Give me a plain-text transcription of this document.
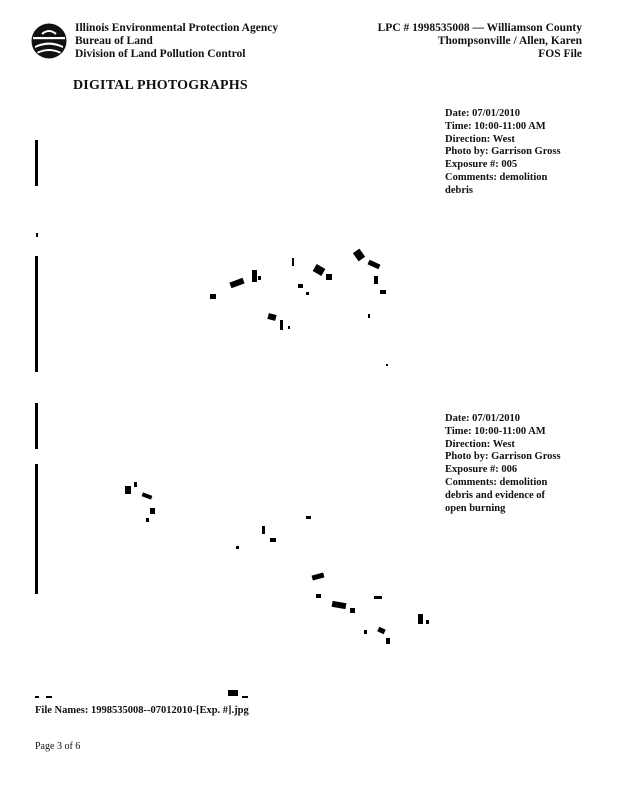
Illinois Environmental Protection Agency
Bureau of Land
Division of Land Pollution Control
LPC # 1998535008 — Williamson County
Thompsonville / Allen, Karen
FOS File
DIGITAL PHOTOGRAPHS
Date: 07/01/2010
Time: 10:00-11:00 AM
Direction: West
Photo by: Garrison Gross
Exposure #: 005
Comments: demolition
debris
Date: 07/01/2010
Time: 10:00-11:00 AM
Direction: West
Photo by: Garrison Gross
Exposure #: 006
Comments: demolition
debris and evidence of
open burning
File Names: 1998535008--07012010-[Exp. #].jpg
Page 3 of 6
